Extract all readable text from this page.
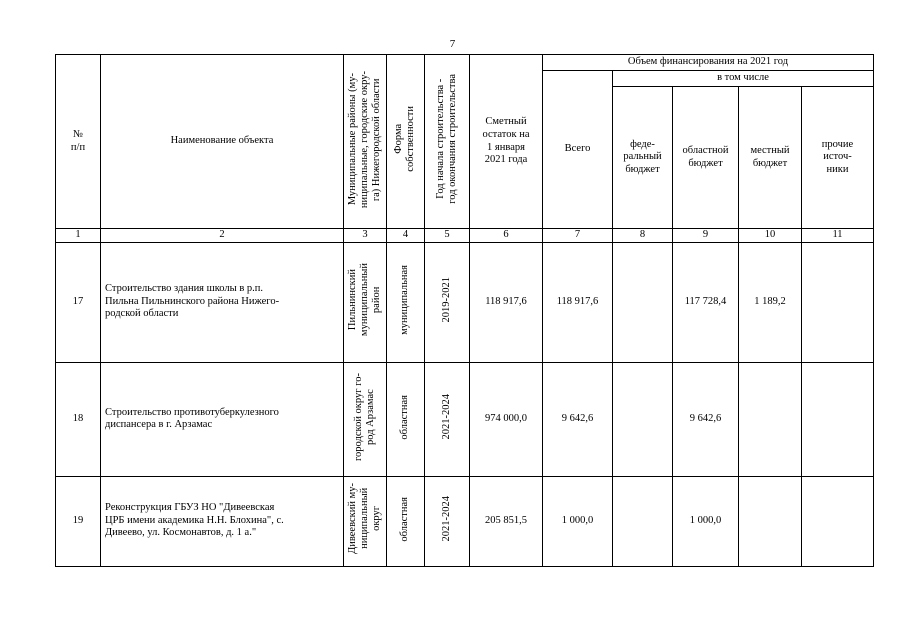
7
№
п/п	Наименование объекта	Муниципальные районы (му-
ниципальные, городские окру-
га) Нижегородской области	Форма
собственности	Год начала строительства -
год окончания строительства	Сметный
остаток на
1 января
2021 года	Объем финансирования на 2021 год				
						Всего	в том числе			
							феде-
ральный
бюджет	областной
бюджет	местный
бюджет	прочие
источ-
ники
1	2	3	4	5	6	7	8	9	10	11
17	Строительство здания школы в р.п.
Пильна Пильнинского района Нижего-
родской области	Пильнинский
муниципальный
район	муниципальная	2019-2021	118 917,6	118 917,6		117 728,4	1 189,2	
18	Строительство противотуберкулезного
диспансера в г. Арзамас	городской округ го-
род Арзамас	областная	2021-2024	974 000,0	9 642,6		9 642,6		
19	Реконструкция ГБУЗ НО "Дивеевская
ЦРБ имени академика Н.Н. Блохина", с.
Дивеево, ул. Космонавтов, д. 1 а."	Дивеевский му-
ниципальный
округ	областная	2021-2024	205 851,5	1 000,0		1 000,0		
